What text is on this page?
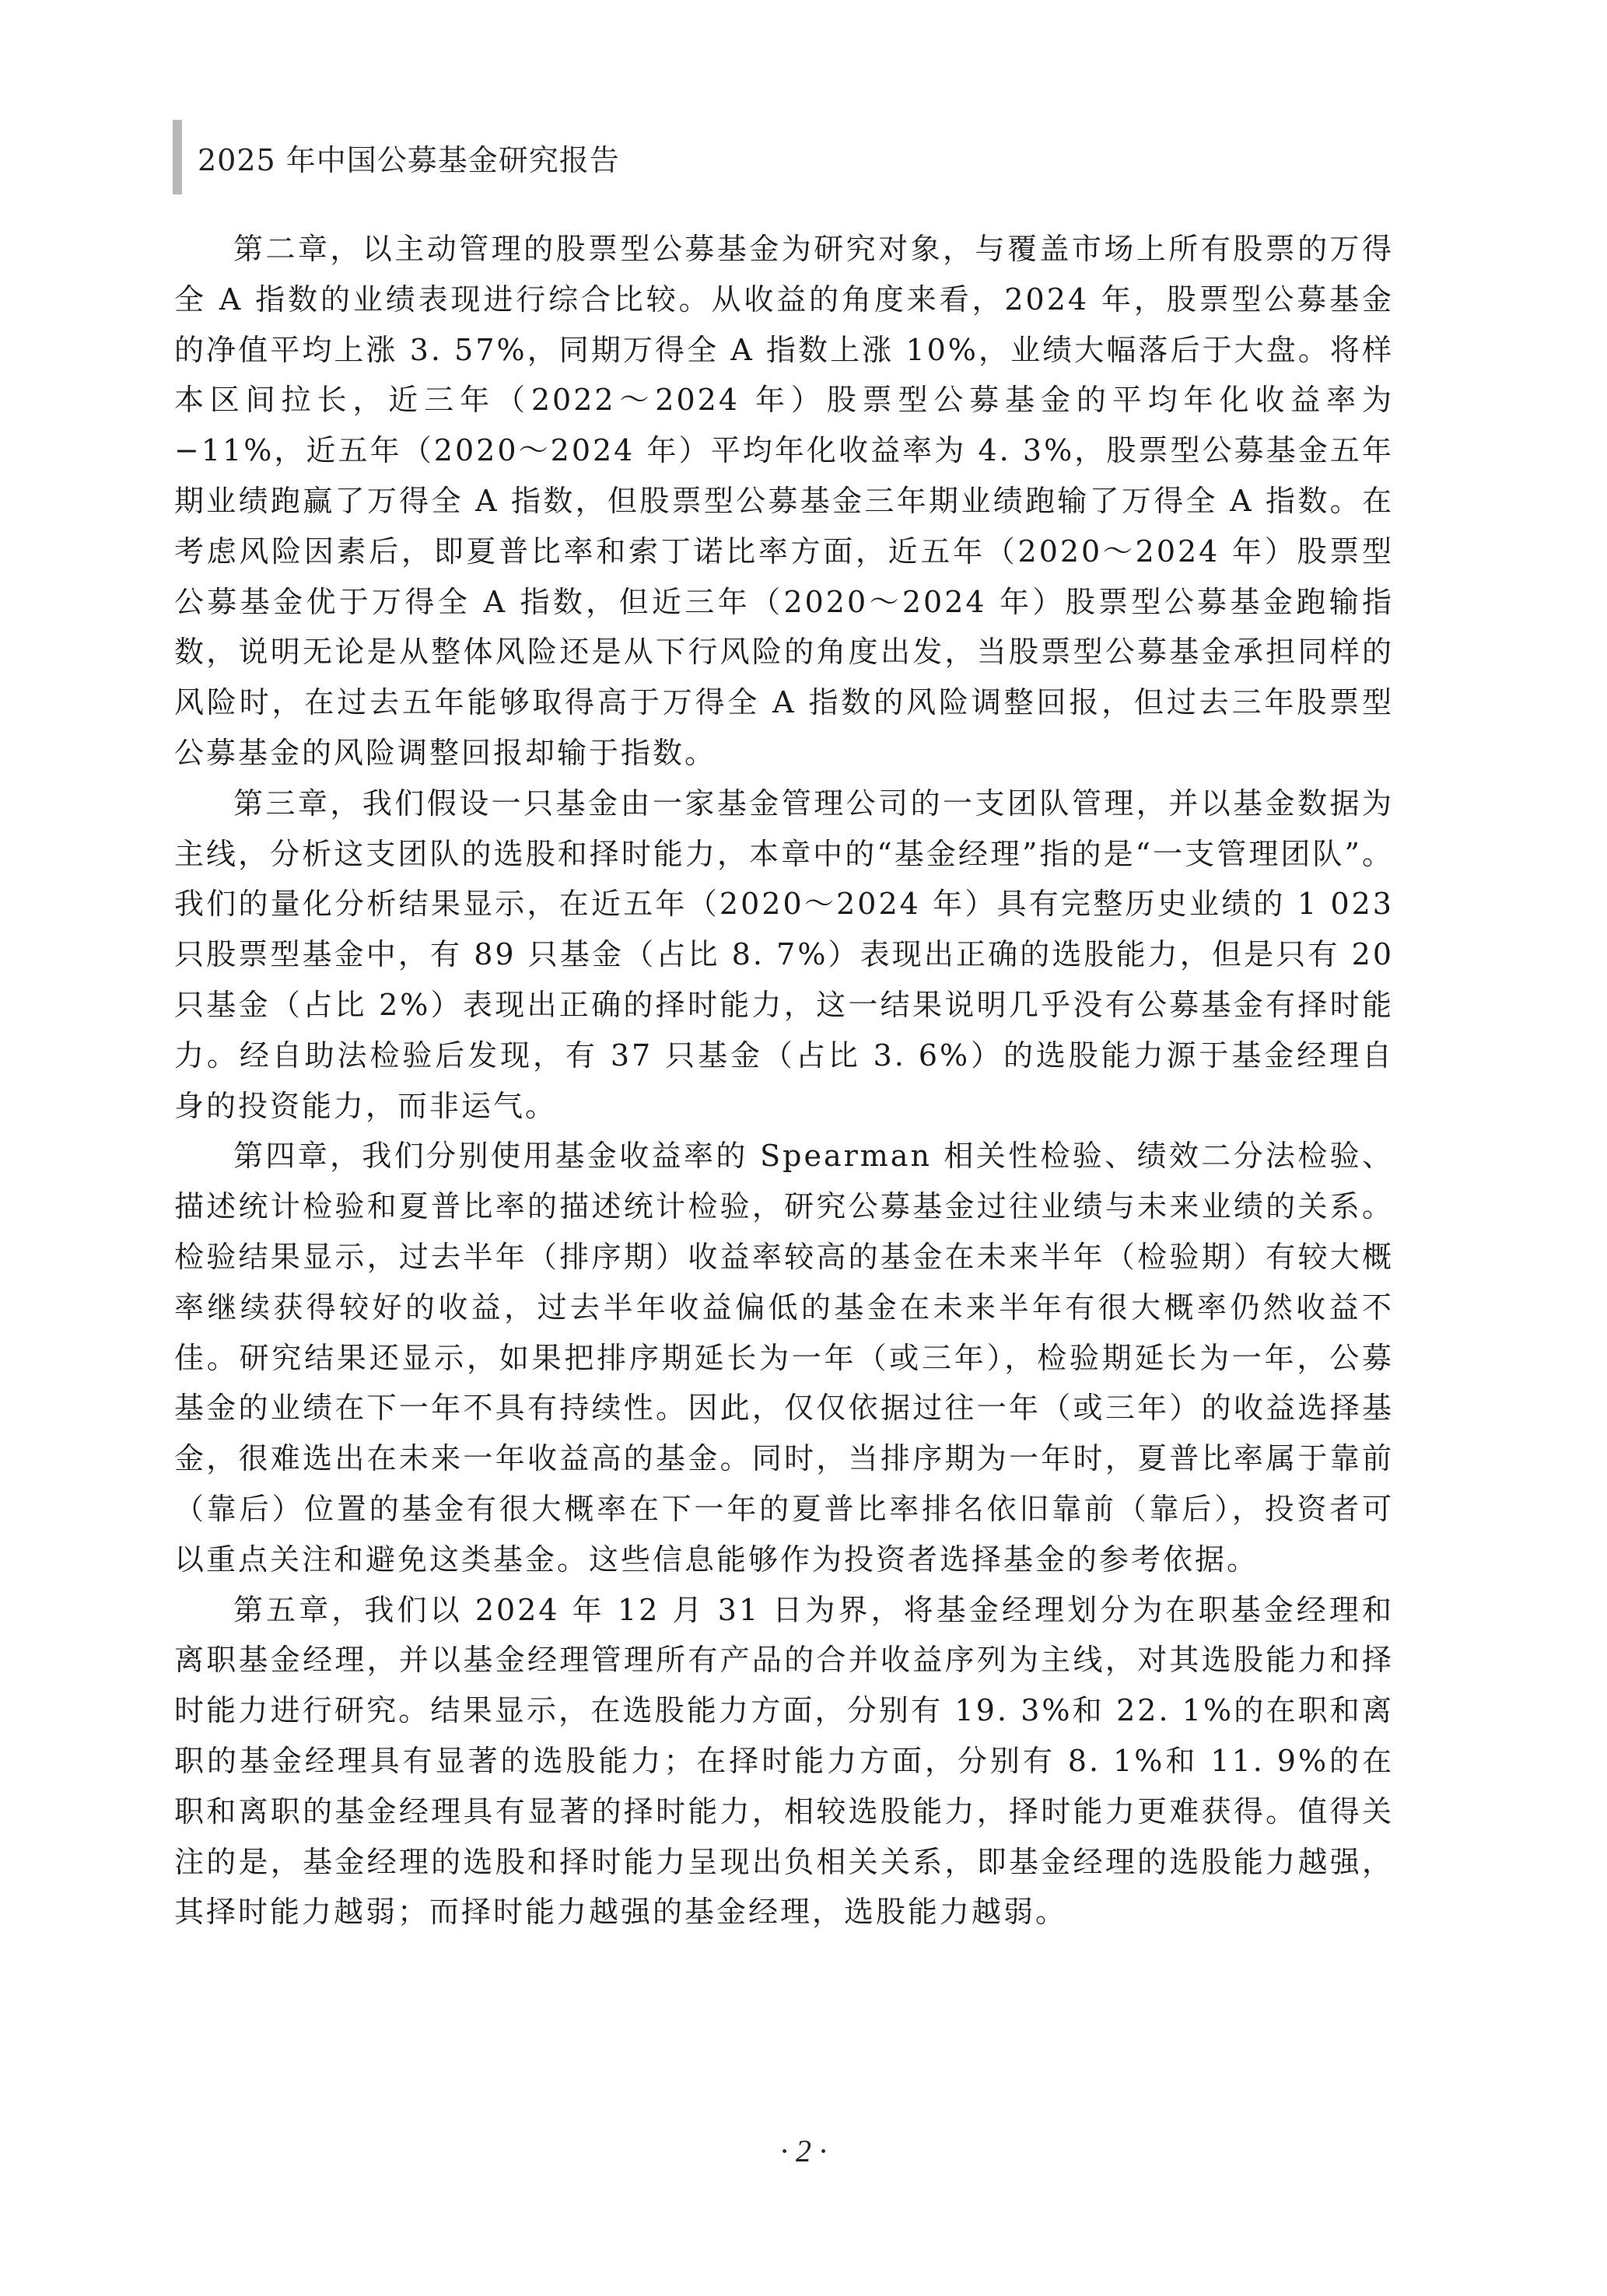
2025 年中国公募基金研究报告

第二章，以主动管理的股票型公募基金为研究对象，与覆盖市场上所有股票的万得全 A 指数的业绩表现进行综合比较。从收益的角度来看，2024 年，股票型公募基金的净值平均上涨 3. 57%，同期万得全 A 指数上涨 10%，业绩大幅落后于大盘。将样本区间拉长，近三年（2022～2024 年）股票型公募基金的平均年化收益率为−11%，近五年（2020～2024 年）平均年化收益率为 4. 3%，股票型公募基金五年期业绩跑赢了万得全 A 指数，但股票型公募基金三年期业绩跑输了万得全 A 指数。在考虑风险因素后，即夏普比率和索丁诺比率方面，近五年（2020～2024 年）股票型公募基金优于万得全 A 指数，但近三年（2020～2024 年）股票型公募基金跑输指数，说明无论是从整体风险还是从下行风险的角度出发，当股票型公募基金承担同样的风险时，在过去五年能够取得高于万得全 A 指数的风险调整回报，但过去三年股票型公募基金的风险调整回报却输于指数。

第三章，我们假设一只基金由一家基金管理公司的一支团队管理，并以基金数据为主线，分析这支团队的选股和择时能力，本章中的“基金经理”指的是“一支管理团队”。我们的量化分析结果显示，在近五年（2020～2024 年）具有完整历史业绩的 1 023 只股票型基金中，有 89 只基金（占比 8. 7%）表现出正确的选股能力，但是只有 20 只基金（占比 2%）表现出正确的择时能力，这一结果说明几乎没有公募基金有择时能力。经自助法检验后发现，有 37 只基金（占比 3. 6%）的选股能力源于基金经理自身的投资能力，而非运气。

第四章，我们分别使用基金收益率的 Spearman 相关性检验、绩效二分法检验、描述统计检验和夏普比率的描述统计检验，研究公募基金过往业绩与未来业绩的关系。检验结果显示，过去半年（排序期）收益率较高的基金在未来半年（检验期）有较大概率继续获得较好的收益，过去半年收益偏低的基金在未来半年有很大概率仍然收益不佳。研究结果还显示，如果把排序期延长为一年（或三年），检验期延长为一年，公募基金的业绩在下一年不具有持续性。因此，仅仅依据过往一年（或三年）的收益选择基金，很难选出在未来一年收益高的基金。同时，当排序期为一年时，夏普比率属于靠前（靠后）位置的基金有很大概率在下一年的夏普比率排名依旧靠前（靠后），投资者可以重点关注和避免这类基金。这些信息能够作为投资者选择基金的参考依据。

第五章，我们以 2024 年 12 月 31 日为界，将基金经理划分为在职基金经理和离职基金经理，并以基金经理管理所有产品的合并收益序列为主线，对其选股能力和择时能力进行研究。结果显示，在选股能力方面，分别有 19. 3%和 22. 1%的在职和离职的基金经理具有显著的选股能力；在择时能力方面，分别有 8. 1%和 11. 9%的在职和离职的基金经理具有显著的择时能力，相较选股能力，择时能力更难获得。值得关注的是，基金经理的选股和择时能力呈现出负相关关系，即基金经理的选股能力越强，其择时能力越弱；而择时能力越强的基金经理，选股能力越弱。

· 2 ·
